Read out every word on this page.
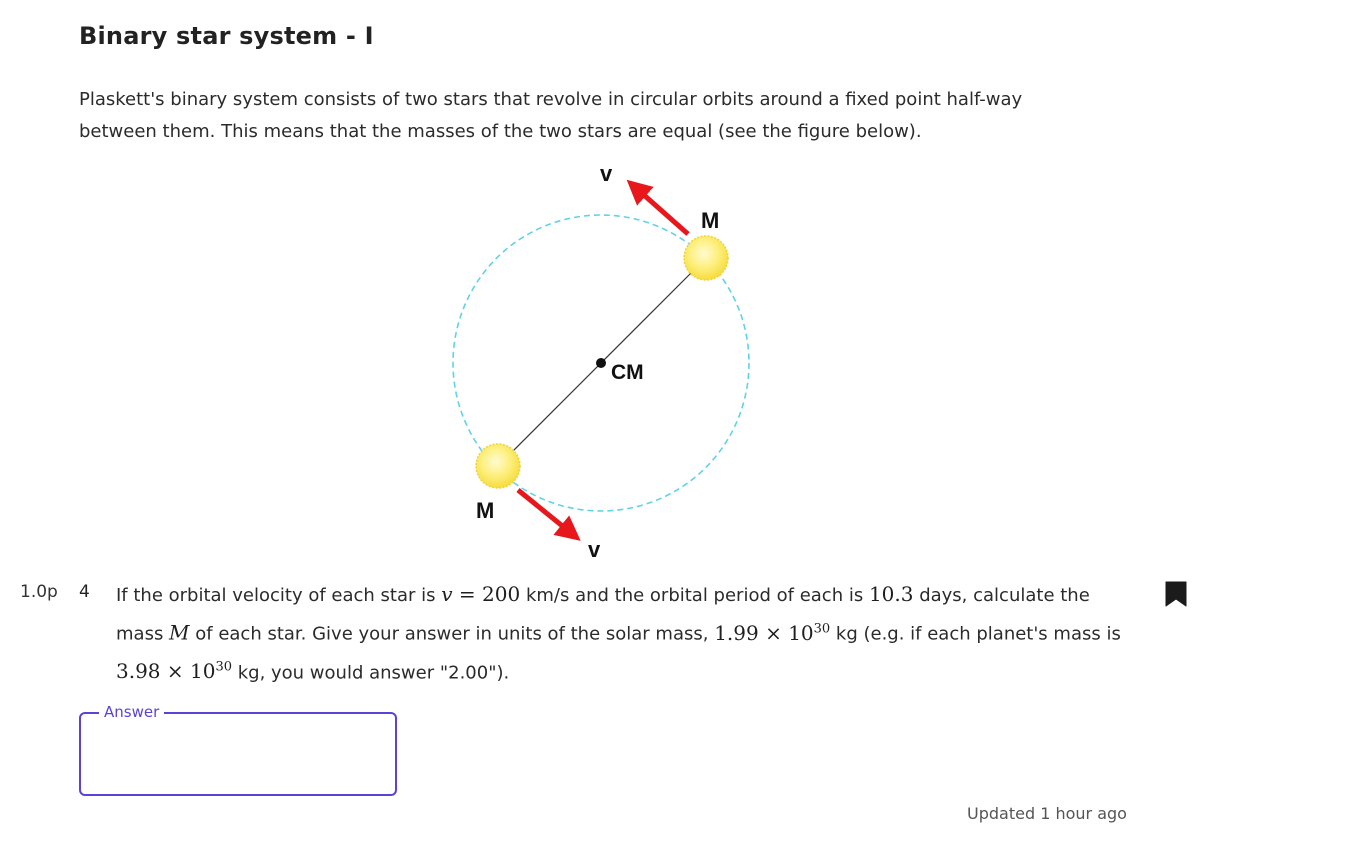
Binary star system - I

Plaskett's binary system consists of two stars that revolve in circular orbits around a fixed point half-way between them. This means that the masses of the two stars are equal (see the figure below).

v
M
CM
M
v
1.0p 4 If the orbital velocity of each star is v = 200 km/s and the orbital period of each is 10.3 days, calculate the mass M of each star. Give your answer in units of the solar mass, $1.99 \times 10^{30}$ kg (e.g. if each planet's mass is $3.98 \times 10^{30}$ kg, you would answer "2.00").

Answer
Updated 1 hour ago
